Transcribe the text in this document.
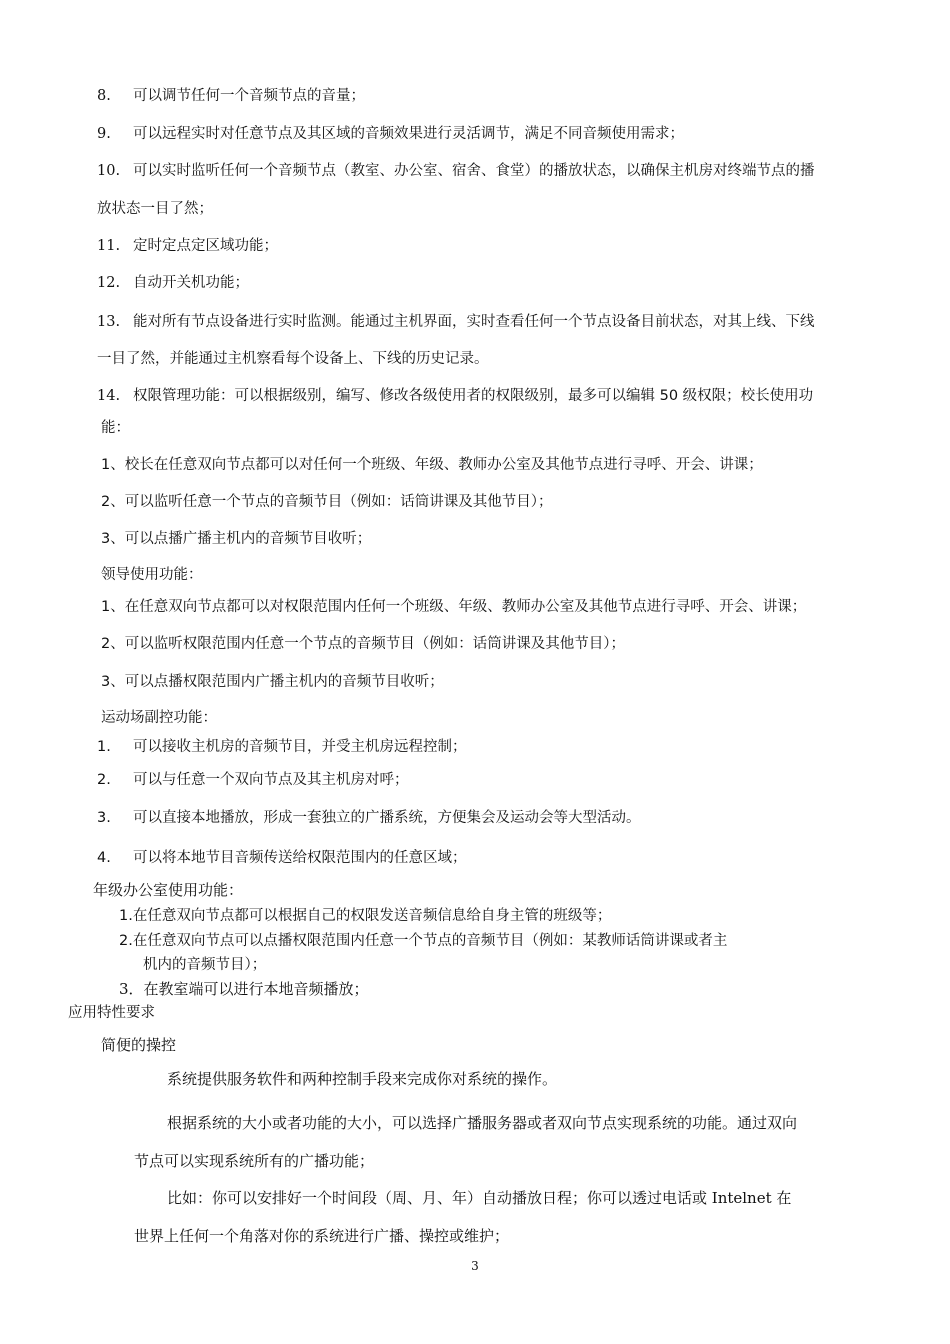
8. 可以调节任何一个音频节点的音量；
9. 可以远程实时对任意节点及其区域的音频效果进行灵活调节，满足不同音频使用需求；
10. 可以实时监听任何一个音频节点（教室、办公室、宿舍、食堂）的播放状态，以确保主机房对终端节点的播
放状态一目了然；
11. 定时定点定区域功能；
12. 自动开关机功能；
13. 能对所有节点设备进行实时监测。能通过主机界面，实时查看任何一个节点设备目前状态，对其上线、下线
一目了然，并能通过主机察看每个设备上、下线的历史记录。
14. 权限管理功能：可以根据级别，编写、修改各级使用者的权限级别，最多可以编辑 50 级权限；校长使用功
能：
1、校长在任意双向节点都可以对任何一个班级、年级、教师办公室及其他节点进行寻呼、开会、讲课；
2、可以监听任意一个节点的音频节目（例如：话筒讲课及其他节目）；
3、可以点播广播主机内的音频节目收听；
领导使用功能：
1、在任意双向节点都可以对权限范围内任何一个班级、年级、教师办公室及其他节点进行寻呼、开会、讲课；
2、可以监听权限范围内任意一个节点的音频节目（例如：话筒讲课及其他节目）；
3、可以点播权限范围内广播主机内的音频节目收听；
运动场副控功能：
1. 可以接收主机房的音频节目，并受主机房远程控制；
2. 可以与任意一个双向节点及其主机房对呼；
3. 可以直接本地播放，形成一套独立的广播系统，方便集会及运动会等大型活动。
4. 可以将本地节目音频传送给权限范围内的任意区域；
年级办公室使用功能：
1.在任意双向节点都可以根据自己的权限发送音频信息给自身主管的班级等；
2.在任意双向节点可以点播权限范围内任意一个节点的音频节目（例如：某教师话筒讲课或者主
机内的音频节目）；
3．在教室端可以进行本地音频播放；
应用特性要求
简便的操控
系统提供服务软件和两种控制手段来完成你对系统的操作。
根据系统的大小或者功能的大小，可以选择广播服务器或者双向节点实现系统的功能。通过双向
节点可以实现系统所有的广播功能；
比如：你可以安排好一个时间段（周、月、年）自动播放日程；你可以透过电话或 Intelnet 在
世界上任何一个角落对你的系统进行广播、操控或维护；
3
